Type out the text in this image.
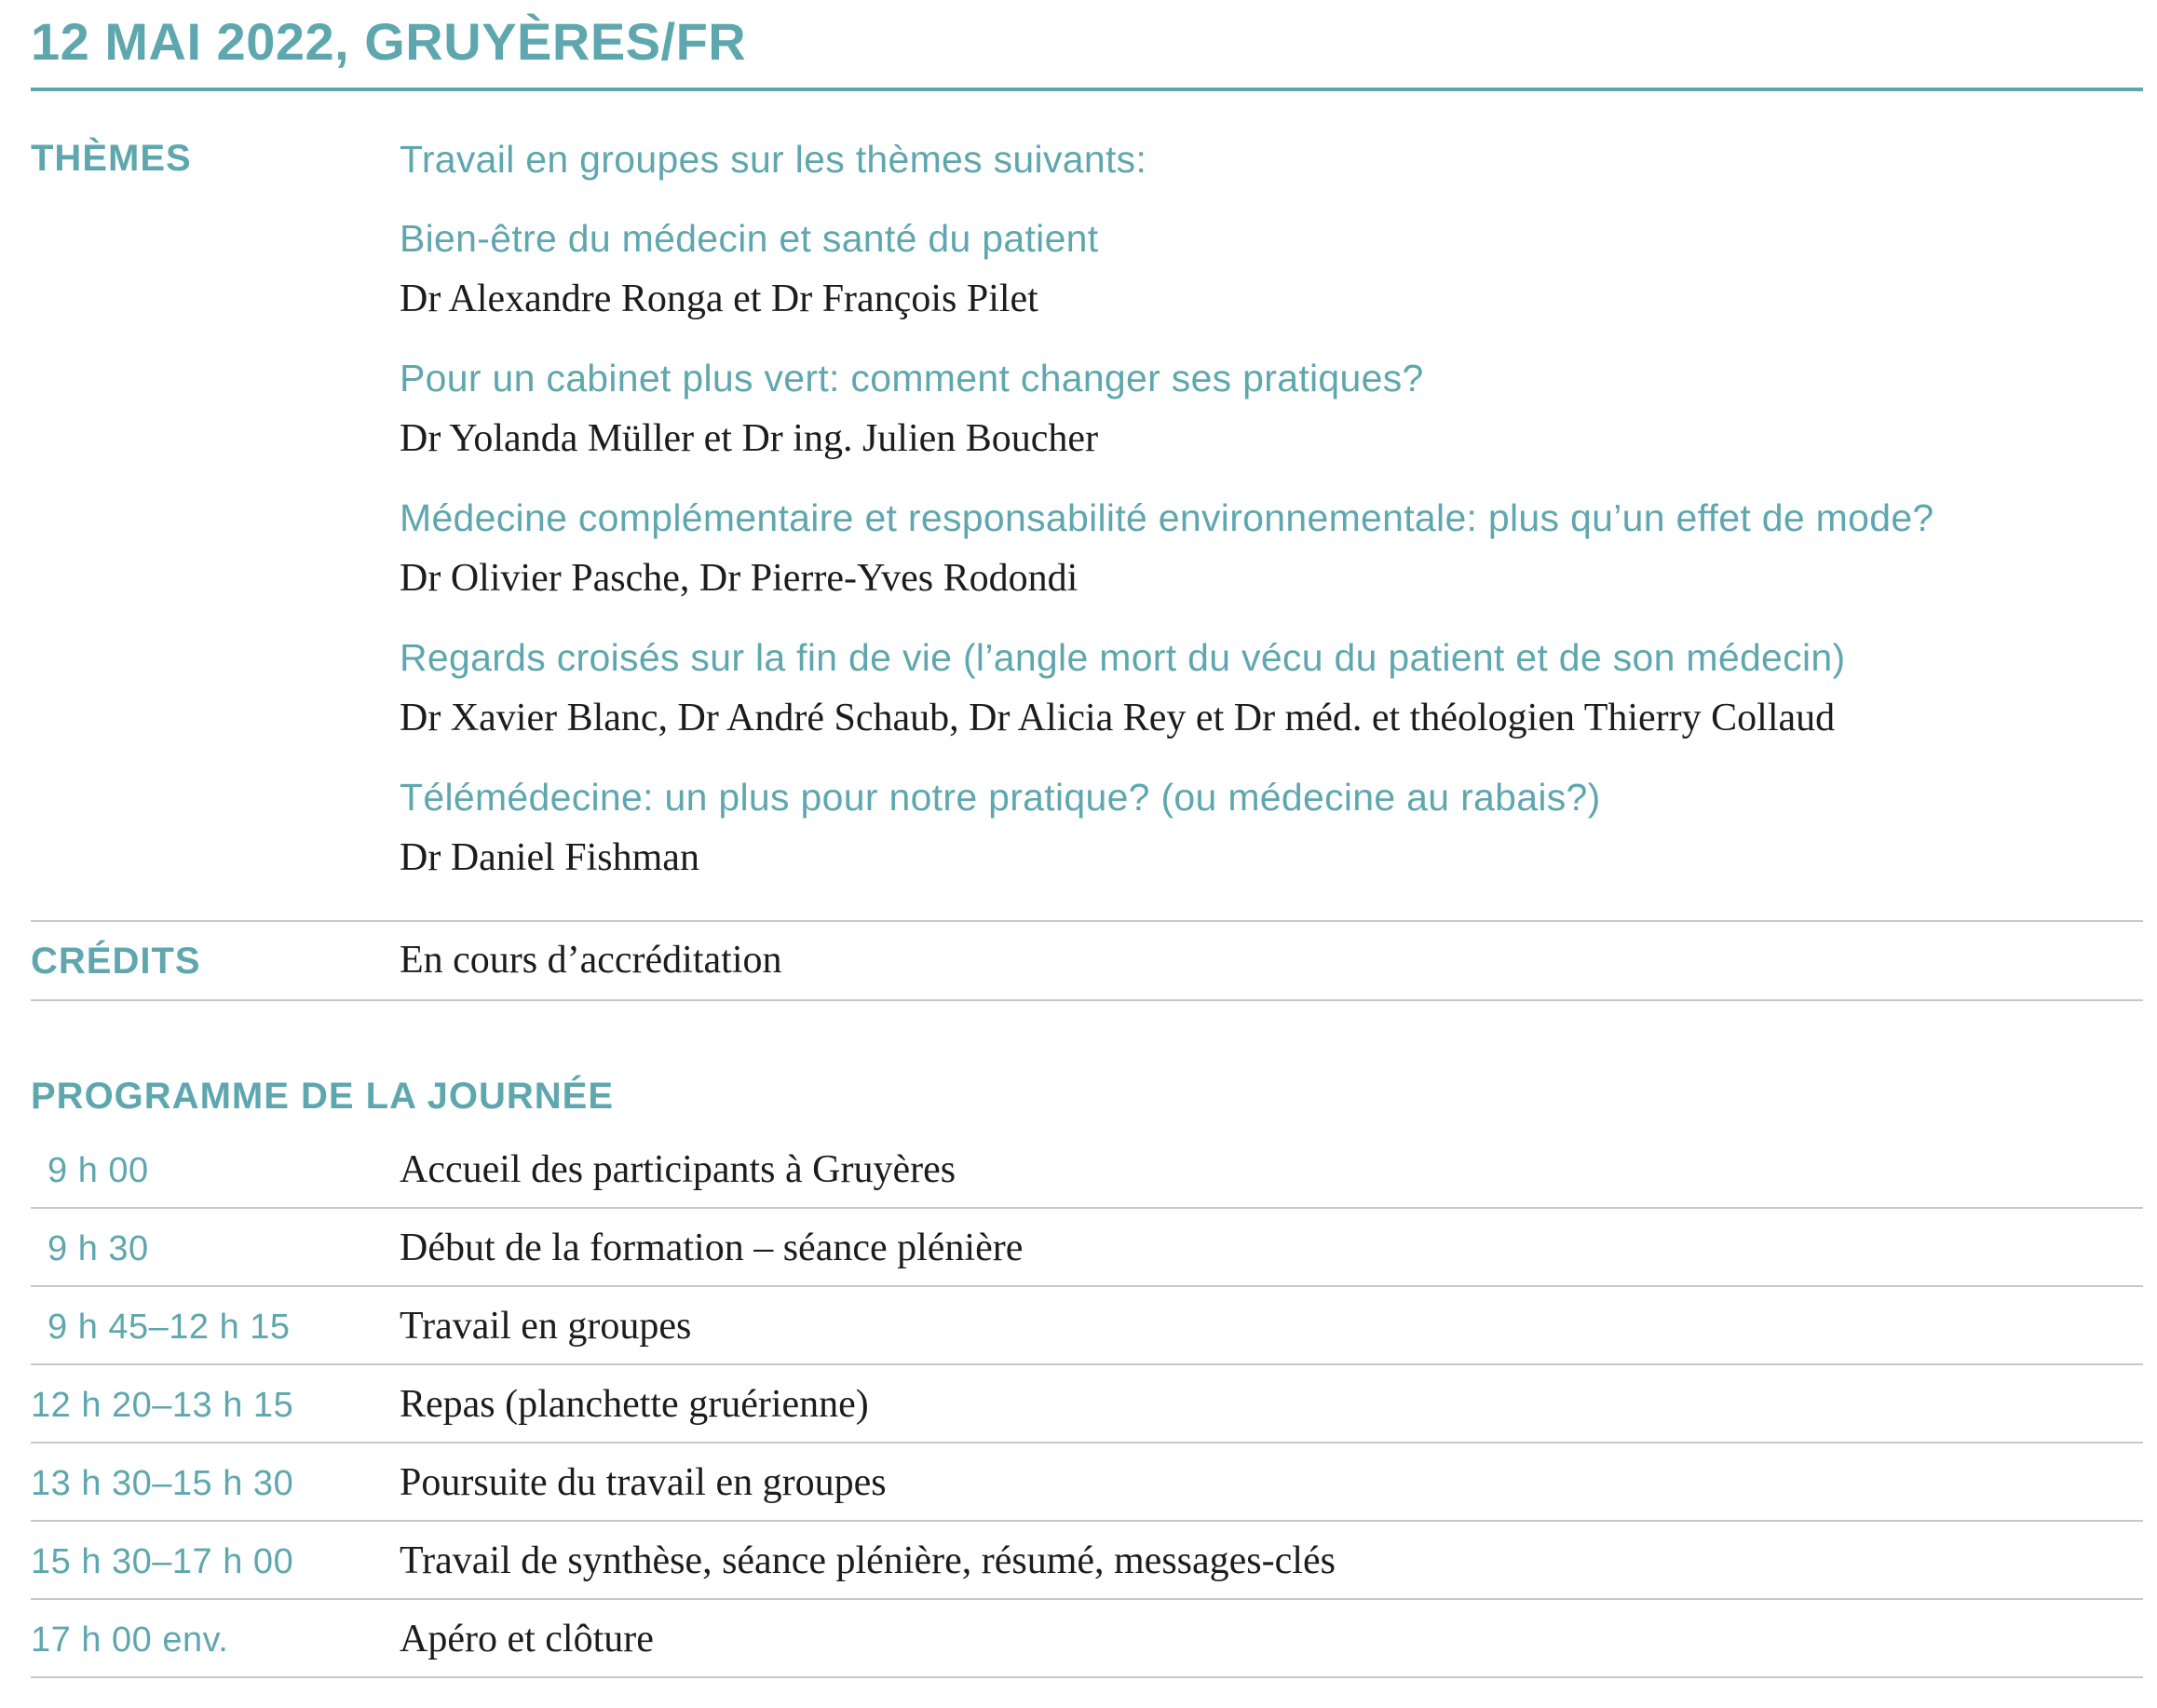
12 MAI 2022, GRUYÈRES/FR
THÈMES	Travail en groupes sur les thèmes suivants:
Bien-être du médecin et santé du patient
Dr Alexandre Ronga et Dr François Pilet
Pour un cabinet plus vert: comment changer ses pratiques?
Dr Yolanda Müller et Dr ing. Julien Boucher
Médecine complémentaire et responsabilité environnementale: plus qu’un effet de mode?
Dr Olivier Pasche, Dr Pierre-Yves Rodondi
Regards croisés sur la fin de vie (l’angle mort du vécu du patient et de son médecin)
Dr Xavier Blanc, Dr André Schaub, Dr Alicia Rey et Dr méd. et théologien Thierry Collaud
Télémédecine: un plus pour notre pratique? (ou médecine au rabais?)
Dr Daniel Fishman
CRÉDITS	En cours d’accréditation
PROGRAMME DE LA JOURNÉE
9 h 00	Accueil des participants à Gruyères
9 h 30	Début de la formation – séance plénière
9 h 45–12 h 15	Travail en groupes
12 h 20–13 h 15	Repas (planchette gruérienne)
13 h 30–15 h 30	Poursuite du travail en groupes
15 h 30–17 h 00	Travail de synthèse, séance plénière, résumé, messages-clés
17 h 00 env.	Apéro et clôture
